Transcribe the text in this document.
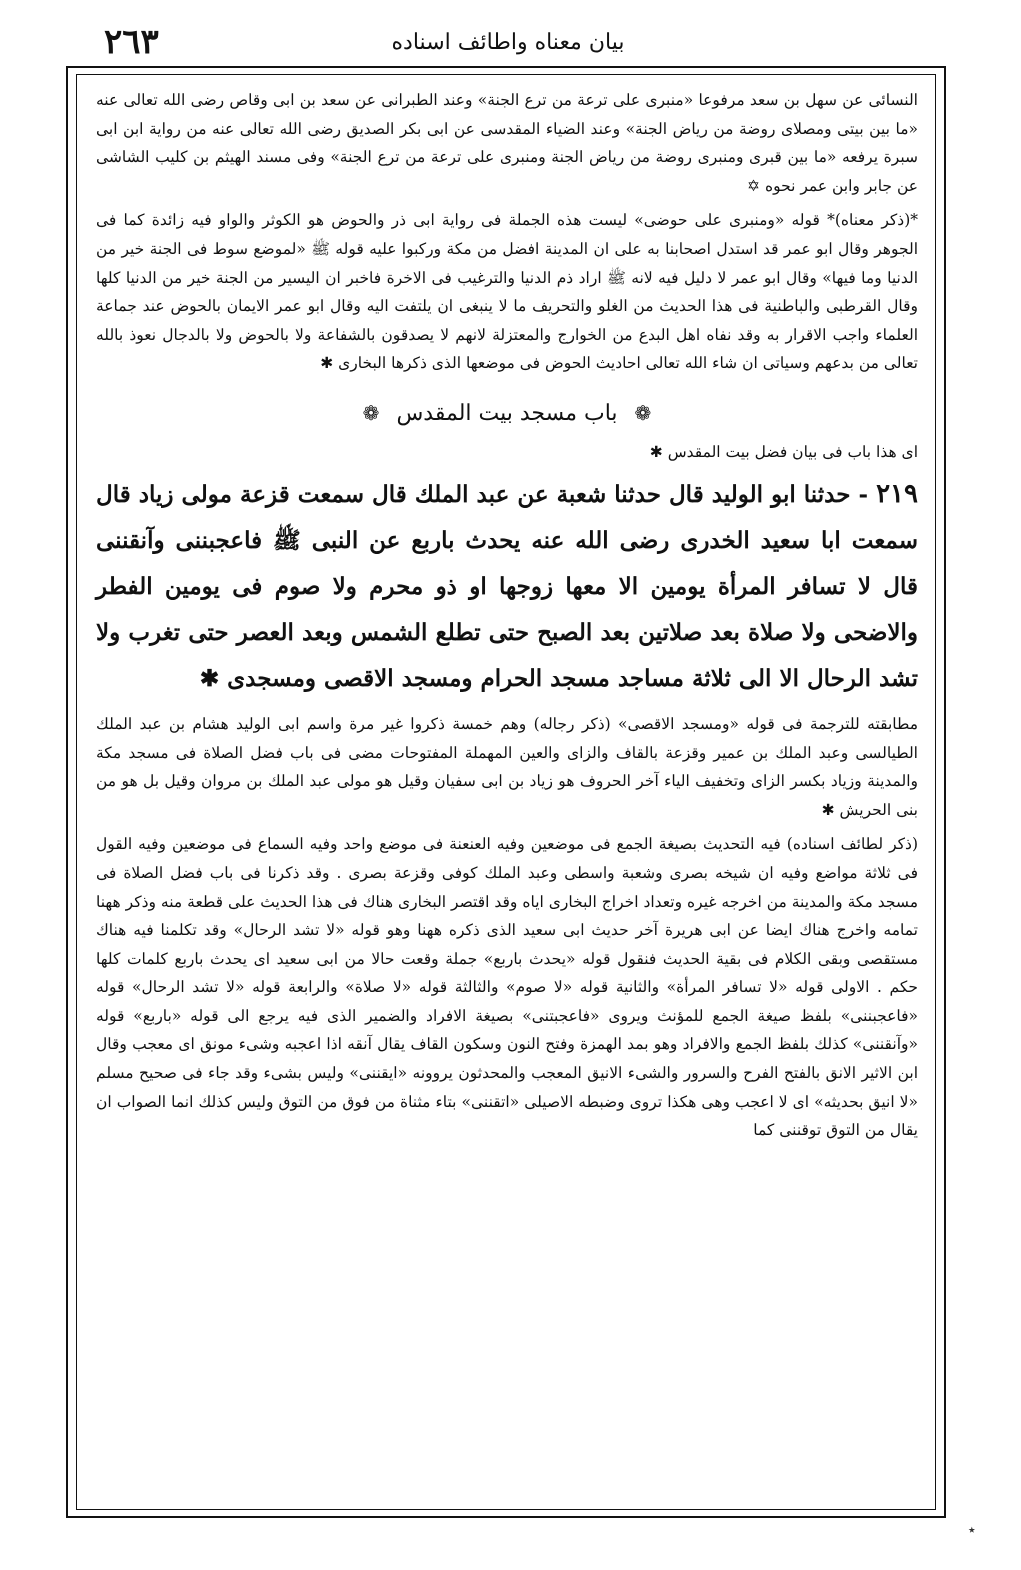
٢٦٣	بيان معناه واطائف اسناده

النسائى عن سهل بن سعد مرفوعا «منبرى على ترعة من ترع الجنة» وعند الطبرانى عن سعد بن ابى وقاص رضى الله تعالى عنه «ما بين بيتى ومصلاى روضة من رياض الجنة» وعند الضياء المقدسى عن ابى بكر الصديق رضى الله تعالى عنه من رواية ابن ابى سبرة يرفعه «ما بين قبرى ومنبرى روضة من رياض الجنة ومنبرى على ترعة من ترع الجنة» وفى مسند الهيثم بن كليب الشاشى عن جابر وابن عمر نحوه ✡

*(ذكر معناه)* قوله «ومنبرى على حوضى» ليست هذه الجملة فى رواية ابى ذر والحوض هو الكوثر والواو فيه زائدة كما فى الجوهر وقال ابو عمر قد استدل اصحابنا به على ان المدينة افضل من مكة وركبوا عليه قوله ﷺ «لموضع سوط فى الجنة خير من الدنيا وما فيها» وقال ابو عمر لا دليل فيه لانه ﷺ اراد ذم الدنيا والترغيب فى الاخرة فاخبر ان اليسير من الجنة خير من الدنيا كلها وقال القرطبى والباطنية فى هذا الحديث من الغلو والتحريف ما لا ينبغى ان يلتفت اليه وقال ابو عمر الايمان بالحوض عند جماعة العلماء واجب الاقرار به وقد نفاه اهل البدع من الخوارج والمعتزلة لانهم لا يصدقون بالشفاعة ولا بالحوض ولا بالدجال نعوذ بالله تعالى من بدعهم وسياتى ان شاء الله تعالى احاديث الحوض فى موضعها الذى ذكرها البخارى ✱

❁ باب مسجد بيت المقدس ❁

اى هذا باب فى بيان فضل بيت المقدس ✱

٢١٩ - حدثنا ابو الوليد قال حدثنا شعبة عن عبد الملك قال سمعت قزعة مولى زياد قال سمعت ابا سعيد الخدرى رضى الله عنه يحدث باربع عن النبى ﷺ فاعجبننى وآنقننى قال لا تسافر المرأة يومين الا معها زوجها او ذو محرم ولا صوم فى يومين الفطر والاضحى ولا صلاة بعد صلاتين بعد الصبح حتى تطلع الشمس وبعد العصر حتى تغرب ولا تشد الرحال الا الى ثلاثة مساجد مسجد الحرام ومسجد الاقصى ومسجدى ✱

مطابقته للترجمة فى قوله «ومسجد الاقصى» (ذكر رجاله) وهم خمسة ذكروا غير مرة واسم ابى الوليد هشام بن عبد الملك الطيالسى وعبد الملك بن عمير وقزعة بالقاف والزاى والعين المهملة المفتوحات مضى فى باب فضل الصلاة فى مسجد مكة والمدينة وزياد بكسر الزاى وتخفيف الياء آخر الحروف هو زياد بن ابى سفيان وقيل هو مولى عبد الملك بن مروان وقيل بل هو من بنى الحريش ✱

(ذكر لطائف اسناده) فيه التحديث بصيغة الجمع فى موضعين وفيه العنعنة فى موضع واحد وفيه السماع فى موضعين وفيه القول فى ثلاثة مواضع وفيه ان شيخه بصرى وشعبة واسطى وعبد الملك كوفى وقزعة بصرى . وقد ذكرنا فى باب فضل الصلاة فى مسجد مكة والمدينة من اخرجه غيره وتعداد اخراج البخارى اياه وقد اقتصر البخارى هناك فى هذا الحديث على قطعة منه وذكر ههنا تمامه واخرج هناك ايضا عن ابى هريرة آخر حديث ابى سعيد الذى ذكره ههنا وهو قوله «لا تشد الرحال» وقد تكلمنا فيه هناك مستقصى وبقى الكلام فى بقية الحديث فنقول قوله «يحدث باربع» جملة وقعت حالا من ابى سعيد اى يحدث باربع كلمات كلها حكم . الاولى قوله «لا تسافر المرأة» والثانية قوله «لا صوم» والثالثة قوله «لا صلاة» والرابعة قوله «لا تشد الرحال» قوله «فاعجبننى» بلفظ صيغة الجمع للمؤنث ويروى «فاعجبتنى» بصيغة الافراد والضمير الذى فيه يرجع الى قوله «باربع» قوله «وآنقننى» كذلك بلفظ الجمع والافراد وهو بمد الهمزة وفتح النون وسكون القاف يقال آنقه اذا اعجبه وشىء مونق اى معجب وقال ابن الاثير الانق بالفتح الفرح والسرور والشىء الانيق المعجب والمحدثون يروونه «ايقننى» وليس بشىء وقد جاء فى صحيح مسلم «لا انيق بحديثه» اى لا اعجب وهى هكذا تروى وضبطه الاصيلى «اتقننى» بتاء مثناة من فوق من التوق وليس كذلك انما الصواب ان يقال من التوق توقننى كما

٭
